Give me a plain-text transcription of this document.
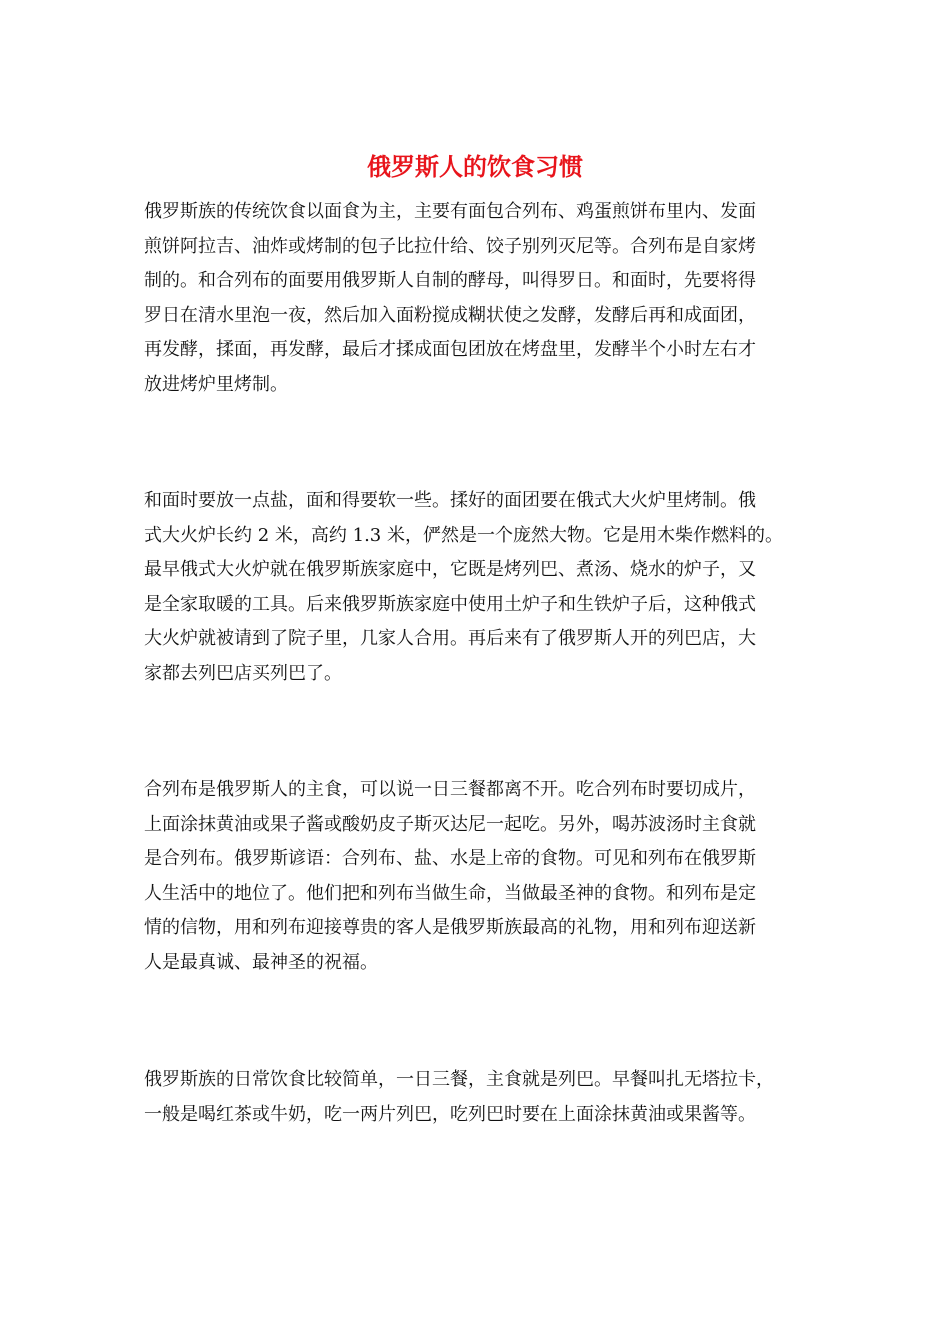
俄罗斯人的饮食习惯
俄罗斯族的传统饮食以面食为主，主要有面包合列布、鸡蛋煎饼布里内、发面
煎饼阿拉吉、油炸或烤制的包子比拉什给、饺子别列灭尼等。合列布是自家烤
制的。和合列布的面要用俄罗斯人自制的酵母，叫得罗日。和面时，先要将得
罗日在清水里泡一夜，然后加入面粉搅成糊状使之发酵，发酵后再和成面团，
再发酵，揉面，再发酵，最后才揉成面包团放在烤盘里，发酵半个小时左右才
放进烤炉里烤制。
和面时要放一点盐，面和得要软一些。揉好的面团要在俄式大火炉里烤制。俄
式大火炉长约 2 米，高约 1.3 米，俨然是一个庞然大物。它是用木柴作燃料的。
最早俄式大火炉就在俄罗斯族家庭中，它既是烤列巴、煮汤、烧水的炉子，又
是全家取暖的工具。后来俄罗斯族家庭中使用土炉子和生铁炉子后，这种俄式
大火炉就被请到了院子里，几家人合用。再后来有了俄罗斯人开的列巴店，大
家都去列巴店买列巴了。
合列布是俄罗斯人的主食，可以说一日三餐都离不开。吃合列布时要切成片，
上面涂抹黄油或果子酱或酸奶皮子斯灭达尼一起吃。另外，喝苏波汤时主食就
是合列布。俄罗斯谚语：合列布、盐、水是上帝的食物。可见和列布在俄罗斯
人生活中的地位了。他们把和列布当做生命，当做最圣神的食物。和列布是定
情的信物，用和列布迎接尊贵的客人是俄罗斯族最高的礼物，用和列布迎送新
人是最真诚、最神圣的祝福。
俄罗斯族的日常饮食比较简单，一日三餐，主食就是列巴。早餐叫扎无塔拉卡，
一般是喝红茶或牛奶，吃一两片列巴，吃列巴时要在上面涂抹黄油或果酱等。
